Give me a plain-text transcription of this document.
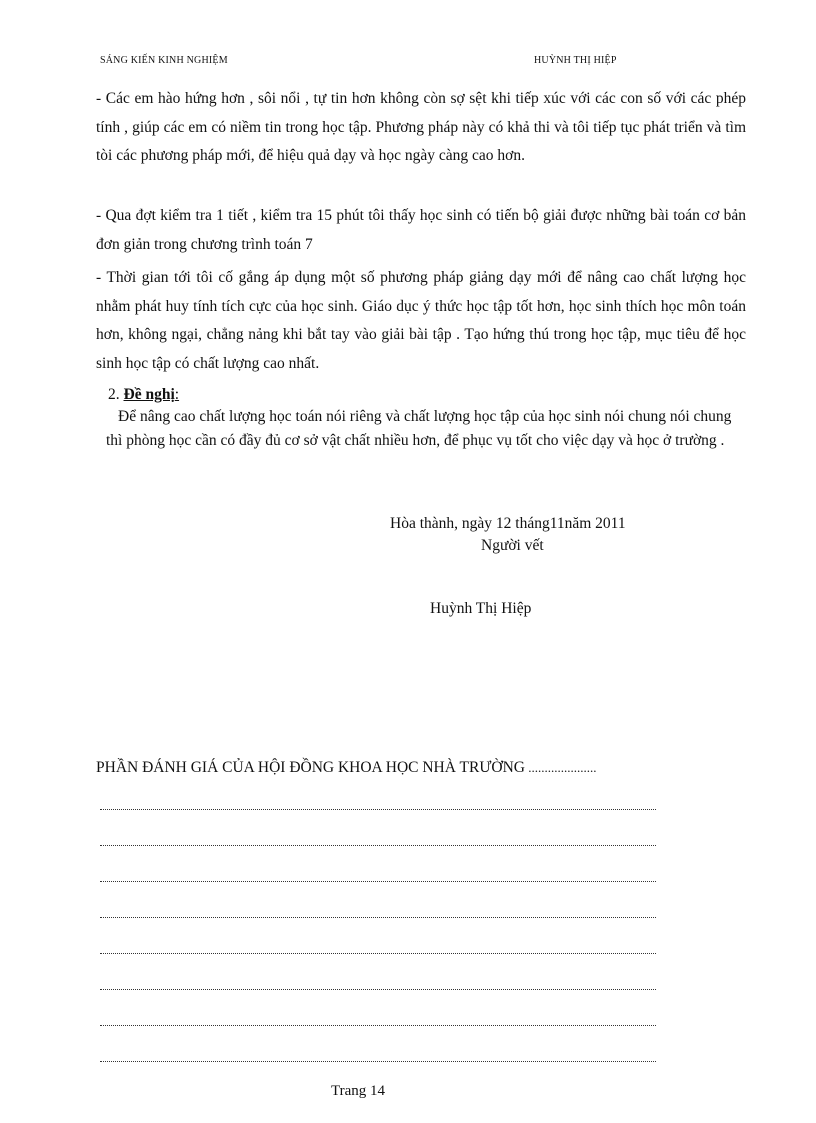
SÁNG KIẾN KINH NGHIỆM	HUỲNH THỊ HIỆP

- Các em hào hứng hơn , sôi nổi , tự tin hơn không còn sợ sệt khi tiếp xúc với các con số với các phép tính , giúp các em có niềm tin trong học tập. Phương pháp này có khả thi và tôi tiếp tục phát triển và tìm tòi các phương pháp mới, để hiệu quả dạy và học ngày càng cao hơn.

- Qua đợt kiểm tra 1 tiết , kiểm tra 15 phút tôi thấy học sinh có tiến bộ giải được những bài toán cơ bản đơn giản trong chương trình toán 7

- Thời gian tới tôi cố gắng áp dụng một số phương pháp giảng dạy mới để nâng cao chất lượng học nhằm phát huy tính tích cực của học sinh. Giáo dục ý thức học tập tốt hơn, học sinh thích học môn toán hơn, không ngại, chẳng nảng khi bắt tay vào giải bài tập . Tạo hứng thú trong học tập, mục tiêu để học sinh học tập có chất lượng cao nhất.

2. Đề nghị:

Để nâng cao chất lượng học toán nói riêng và chất lượng học tập của học sinh nói chung nói chung thì phòng học cần có đầy đủ cơ sở vật chất nhiều hơn, để phục vụ tốt cho việc dạy và học ở trường .

Hòa thành, ngày 12 tháng11năm 2011
Người vết
Huỳnh Thị Hiệp
PHẦN ĐÁNH GIÁ CỦA HỘI ĐỒNG KHOA HỌC NHÀ TRƯỜNG .....................
Trang 14
